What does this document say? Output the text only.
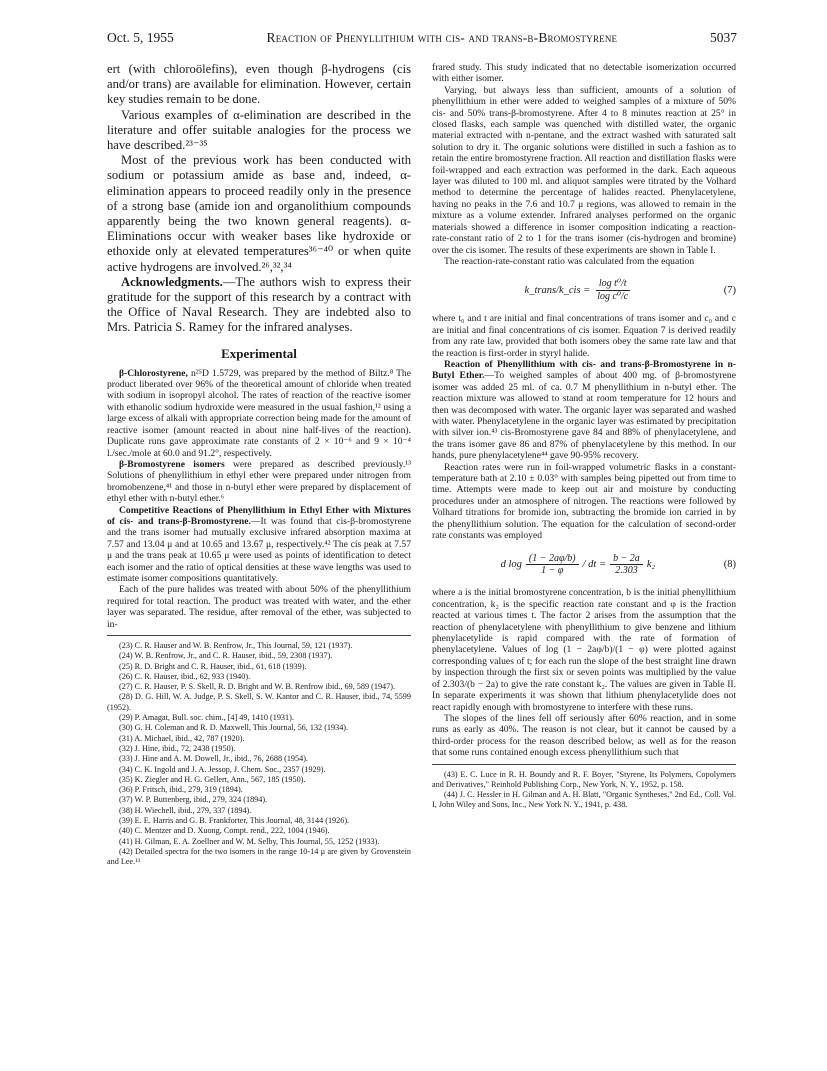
Oct. 5, 1955	Reaction of Phenyllithium with cis- and trans-β-Bromostyrene	5037

ert (with chloroölefins), even though β-hydrogens (cis and/or trans) are available for elimination. However, certain key studies remain to be done.

Various examples of α-elimination are described in the literature and offer suitable analogies for the process we have described.²³⁻³⁵

Most of the previous work has been conducted with sodium or potassium amide as base and, indeed, α-elimination appears to proceed readily only in the presence of a strong base (amide ion and organolithium compounds apparently being the two known general reagents). α-Eliminations occur with weaker bases like hydroxide or ethoxide only at elevated temperatures³⁶⁻⁴⁰ or when quite active hydrogens are involved.²⁶,³²,³⁴

Acknowledgments.—The authors wish to express their gratitude for the support of this research by a contract with the Office of Naval Research. They are indebted also to Mrs. Patricia S. Ramey for the infrared analyses.

Experimental

β-Chlorostyrene, n²⁵D 1.5729, was prepared by the method of Biltz.⁸ The product liberated over 96% of the theoretical amount of chloride when treated with sodium in isopropyl alcohol. The rates of reaction of the reactive isomer with ethanolic sodium hydroxide were measured in the usual fashion,¹² using a large excess of alkali with appropriate correction being made for the amount of reactive isomer (amount reacted in about nine half-lives of the reaction). Duplicate runs gave approximate rate constants of 2 × 10⁻⁶ and 9 × 10⁻⁴ l./sec./mole at 60.0 and 91.2°, respectively.

β-Bromostyrene isomers were prepared as described previously.¹³ Solutions of phenyllithium in ethyl ether were prepared under nitrogen from bromobenzene,⁴¹ and those in n-butyl ether were prepared by displacement of ethyl ether with n-butyl ether.⁶

Competitive Reactions of Phenyllithium in Ethyl Ether with Mixtures of cis- and trans-β-Bromostyrene.—It was found that cis-β-bromostyrene and the trans isomer had mutually exclusive infrared absorption maxima at 7.57 and 13.04 μ and at 10.65 and 13.67 μ, respectively.⁴² The cis peak at 7.57 μ and the trans peak at 10.65 μ were used as points of identification to detect each isomer and the ratio of optical densities at these wave lengths was used to estimate isomer compositions quantitatively.

Each of the pure halides was treated with about 50% of the phenyllithium required for total reaction. The product was treated with water, and the ether layer was separated. The residue, after removal of the ether, was subjected to in-

(23) C. R. Hauser and W. B. Renfrow, Jr., This Journal, 59, 121 (1937).

(24) W. B. Renfrow, Jr., and C. R. Hauser, ibid., 59, 2308 (1937).

(25) R. D. Bright and C. R. Hauser, ibid., 61, 618 (1939).

(26) C. R. Hauser, ibid., 62, 933 (1940).

(27) C. R. Hauser, P. S. Skell, R. D. Bright and W. B. Renfrow ibid., 69, 589 (1947).

(28) D. G. Hill, W. A. Judge, P. S. Skell, S. W. Kantor and C. R. Hauser, ibid., 74, 5599 (1952).

(29) P. Amagat, Bull. soc. chim., [4] 49, 1410 (1931).

(30) G. H. Coleman and R. D. Maxwell, This Journal, 56, 132 (1934).

(31) A. Michael, ibid., 42, 787 (1920).

(32) J. Hine, ibid., 72, 2438 (1950).

(33) J. Hine and A. M. Dowell, Jr., ibid., 76, 2688 (1954).

(34) C. K. Ingold and J. A. Jessop, J. Chem. Soc., 2357 (1929).

(35) K. Ziegler and H. G. Gellert, Ann., 567, 185 (1950).

(36) P. Fritsch, ibid., 279, 319 (1894).

(37) W. P. Buttenberg, ibid., 279, 324 (1894).

(38) H. Wiechell, ibid., 279, 337 (1894).

(39) E. E. Harris and G. B. Frankforter, This Journal, 48, 3144 (1926).

(40) C. Mentzer and D. Xuong, Compt. rend., 222, 1004 (1946).

(41) H. Gilman, E. A. Zoellner and W. M. Selby, This Journal, 55, 1252 (1933).

(42) Detailed spectra for the two isomers in the range 10-14 μ are given by Grovenstein and Lee.¹³

frared study. This study indicated that no detectable isomerization occurred with either isomer.

Varying, but always less than sufficient, amounts of a solution of phenyllithium in ether were added to weighed samples of a mixture of 50% cis- and 50% trans-β-bromostyrene. After 4 to 8 minutes reaction at 25° in closed flasks, each sample was quenched with distilled water, the organic material extracted with n-pentane, and the extract washed with saturated salt solution to dry it. The organic solutions were distilled in such a fashion as to retain the entire bromostyrene fraction. All reaction and distillation flasks were foil-wrapped and each extraction was performed in the dark. Each aqueous layer was diluted to 100 ml. and aliquot samples were titrated by the Volhard method to determine the percentage of halides reacted. Phenylacetylene, having no peaks in the 7.6 and 10.7 μ regions, was allowed to remain in the mixture as a volume extender. Infrared analyses performed on the organic materials showed a difference in isomer composition indicating a reaction-rate-constant ratio of 2 to 1 for the trans isomer (cis-hydrogen and bromine) over the cis isomer. The results of these experiments are shown in Table I.

The reaction-rate-constant ratio was calculated from the equation

k_trans/k_cis = $\frac{\text{log t⁰/t}}{\text{log c⁰/c}}$	(7)

where t₀ and t are initial and final concentrations of trans isomer and c₀ and c are initial and final concentrations of cis isomer. Equation 7 is derived readily from any rate law, provided that both isomers obey the same rate law and that the reaction is first-order in styryl halide.

Reaction of Phenyllithium with cis- and trans-β-Bromostyrene in n-Butyl Ether.—To weighed samples of about 400 mg. of β-bromostyrene isomer was added 25 ml. of ca. 0.7 M phenyllithium in n-butyl ether. The reaction mixture was allowed to stand at room temperature for 12 hours and then was decomposed with water. The organic layer was separated and washed with water. Phenylacetylene in the organic layer was estimated by precipitation with silver ion.⁴³ cis-Bromostyrene gave 84 and 88% of phenylacetylene, and the trans isomer gave 86 and 87% of phenylacetylene by this method. In our hands, pure phenylacetylene⁴⁴ gave 90-95% recovery.

Reaction rates were run in foil-wrapped volumetric flasks in a constant-temperature bath at 2.10 ± 0.03° with samples being pipetted out from time to time. Attempts were made to keep out air and moisture by conducting procedures under an atmosphere of nitrogen. The reactions were followed by Volhard titrations for bromide ion, subtracting the bromide ion carried in by the phenyllithium solution. The equation for the calculation of second-order rate constants was employed

d $\log \frac{(1 - 2a\varphi/b)}{1 - \varphi}$ / dt = $\frac{b - 2a}{2.303} k_2$	(8)

where a is the initial bromostyrene concentration, b is the initial phenyllithium concentration, k₂ is the specific reaction rate constant and φ is the fraction reacted at various times t. The factor 2 arises from the assumption that the reaction of phenylacetylene with phenyllithium to give benzene and lithium phenylacetylide is rapid compared with the rate of formation of phenylacetylene. Values of log (1 − 2aφ/b)/(1 − φ) were plotted against corresponding values of t; for each run the slope of the best straight line drawn by inspection through the first six or seven points was multiplied by the value of 2.303/(b − 2a) to give the rate constant k₂. The values are given in Table II. In separate experiments it was shown that lithium phenylacetylide does not react rapidly enough with bromostyrene to interfere with these runs.

The slopes of the lines fell off seriously after 60% reaction, and in some runs as early as 40%. The reason is not clear, but it cannot be caused by a third-order process for the reason described below, as well as for the reason that some runs contained enough excess phenyllithium such that

(43) E. C. Luce in R. H. Boundy and R. F. Boyer, "Styrene, Its Polymers, Copolymers and Derivatives," Reinhold Publishing Corp., New York, N. Y., 1952, p. 158.

(44) J. C. Hessler in H. Gilman and A. H. Blatt, "Organic Syntheses," 2nd Ed., Coll. Vol. I, John Wiley and Sons, Inc., New York N. Y., 1941, p. 438.
